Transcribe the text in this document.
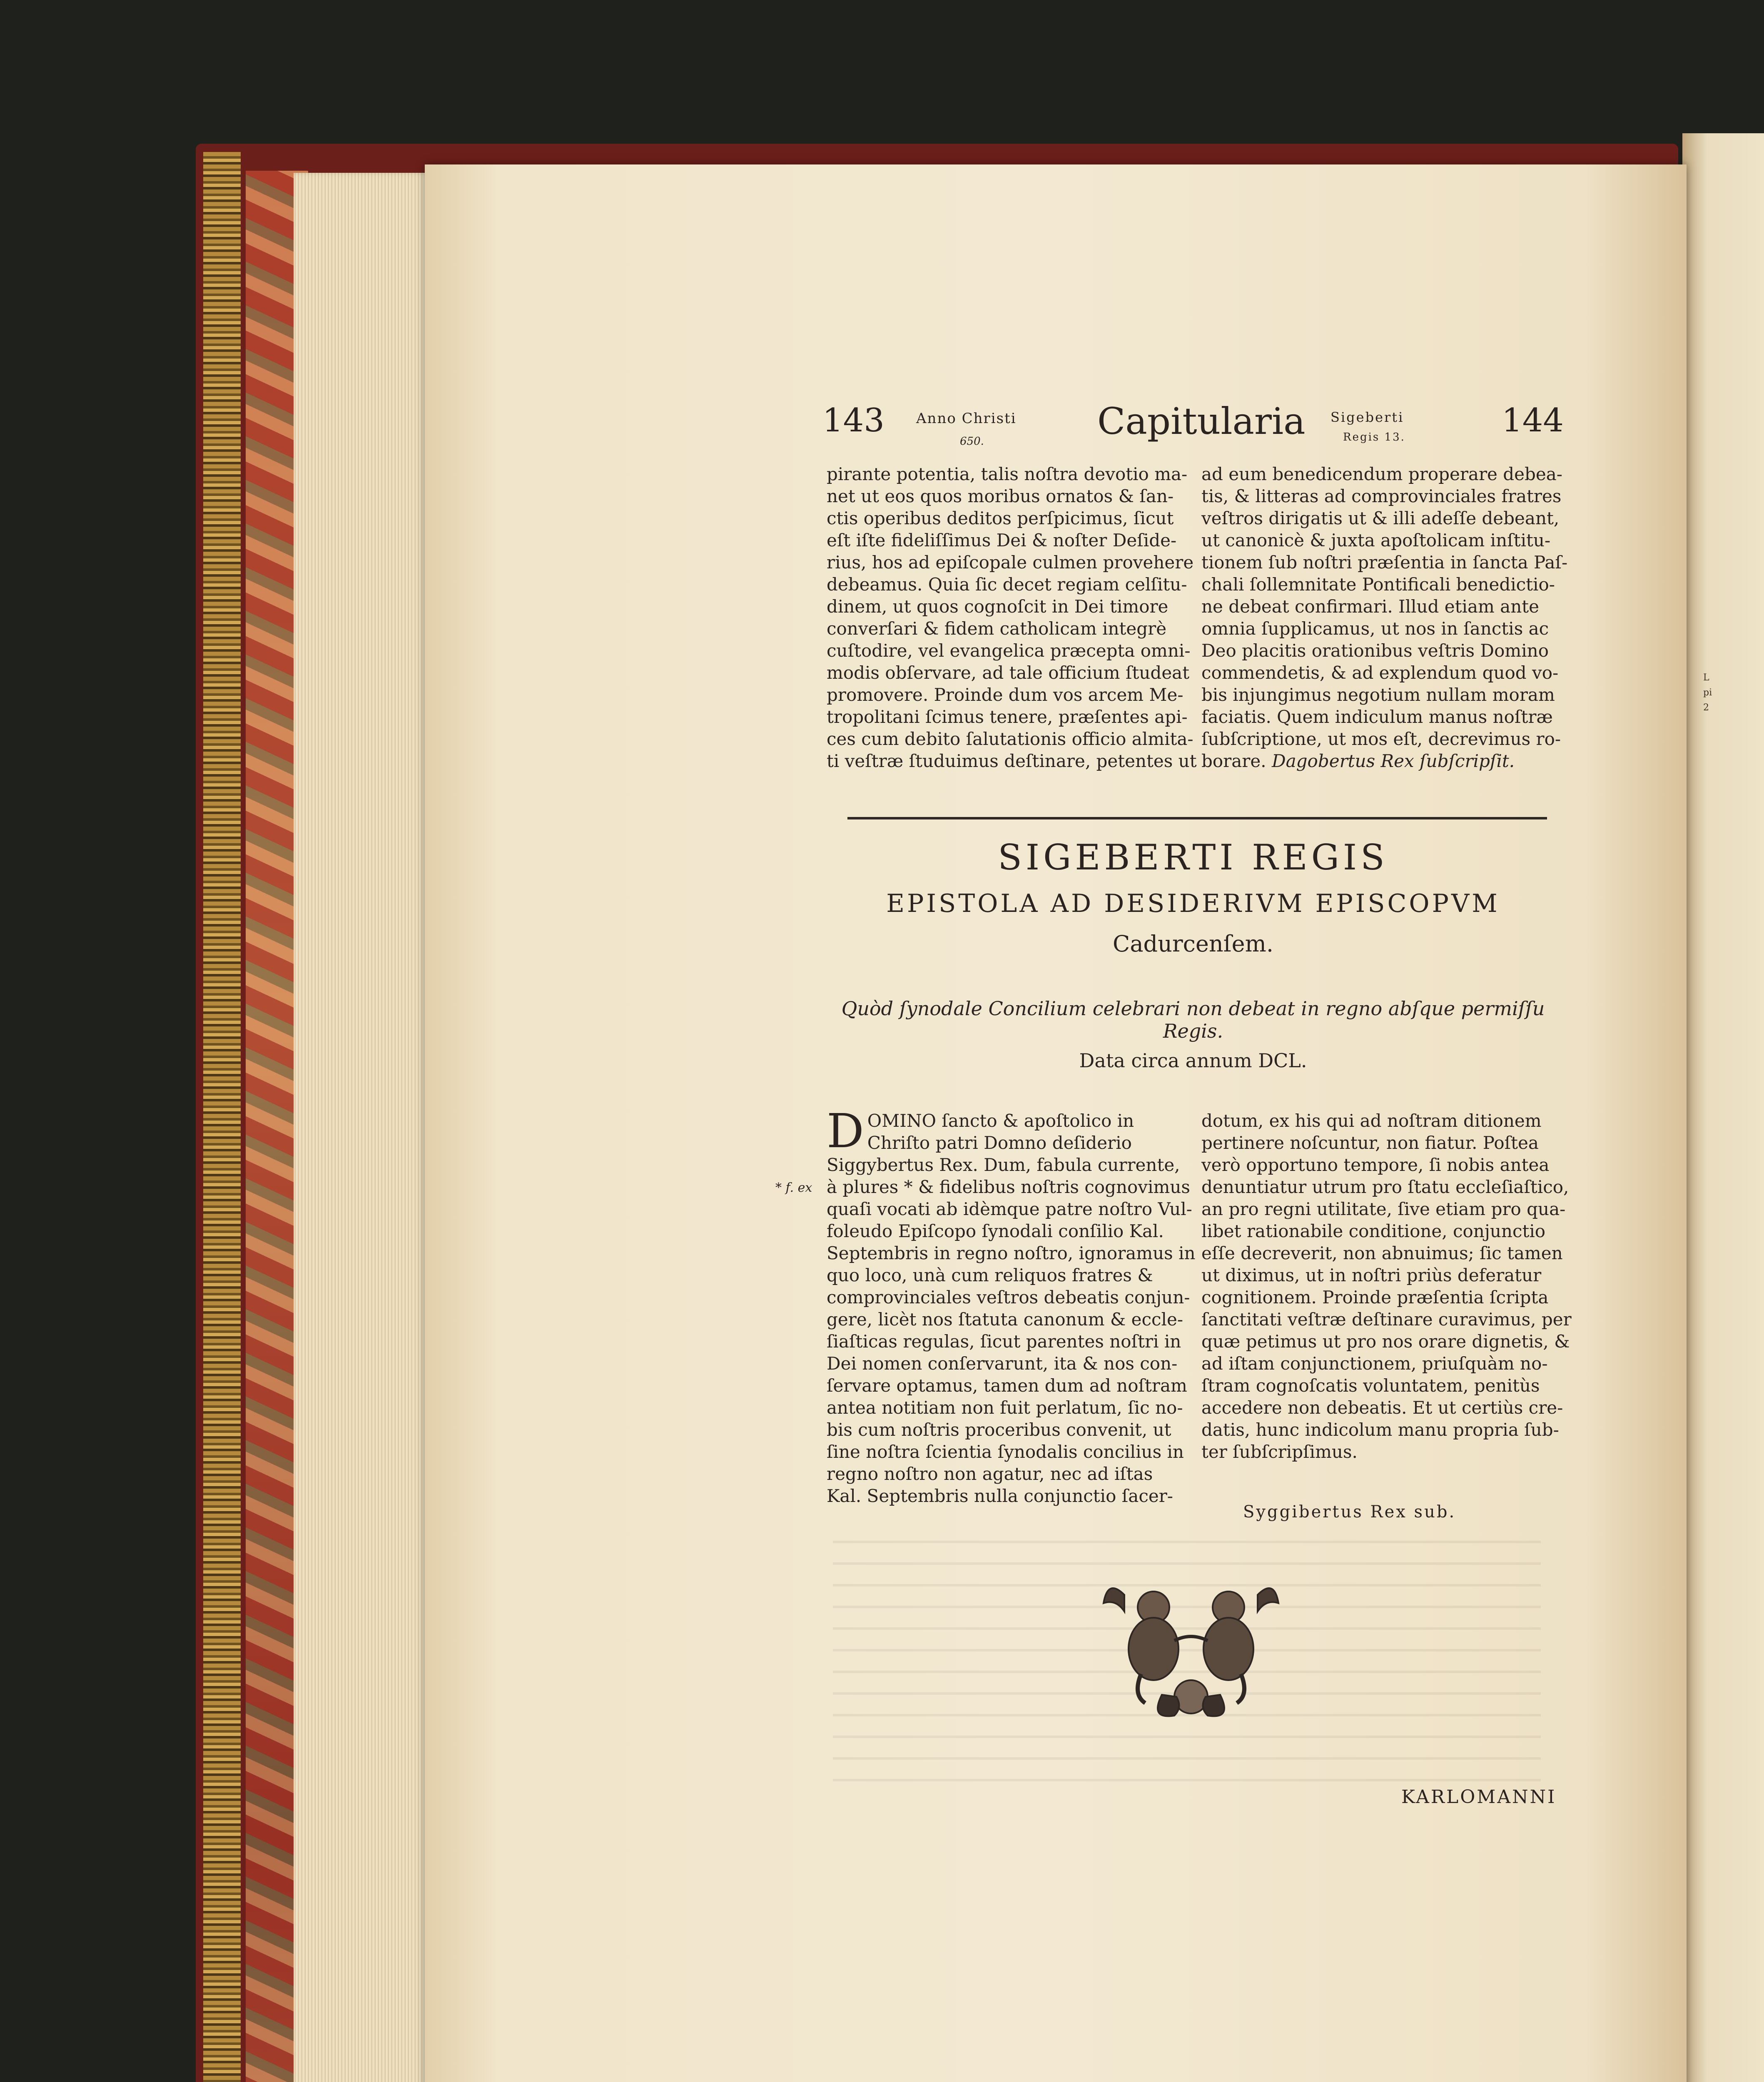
L
pi
2
143 Anno Christi
650.	Capitularia Sigeberti
Regis 13.	144
pirante potentia, talis noſtra devotio ma-
net ut eos quos moribus ornatos & ſan-
ctis operibus deditos perſpicimus, ſicut
eſt iſte fideliſſimus Dei & noſter Deſide-
rius, hos ad epiſcopale culmen provehere
debeamus. Quia ſic decet regiam celſitu-
dinem, ut quos cognoſcit in Dei timore
converſari & fidem catholicam integrè
cuſtodire, vel evangelica præcepta omni-
modis obſervare, ad tale officium ſtudeat
promovere. Proinde dum vos arcem Me-
tropolitani ſcimus tenere, præſentes api-
ces cum debito ſalutationis officio almita-
ti veſtræ ſtuduimus deſtinare, petentes ut
ad eum benedicendum properare debea-
tis, & litteras ad comprovinciales fratres
veſtros dirigatis ut & illi adeſſe debeant,
ut canonicè & juxta apoſtolicam inſtitu-
tionem ſub noſtri præſentia in ſancta Paſ-
chali ſollemnitate Pontificali benedictio-
ne debeat confirmari. Illud etiam ante
omnia ſupplicamus, ut nos in ſanctis ac
Deo placitis orationibus veſtris Domino
commendetis, & ad explendum quod vo-
bis injungimus negotium nullam moram
faciatis. Quem indiculum manus noſtræ
ſubſcriptione, ut mos eſt, decrevimus ro-
borare. Dagobertus Rex ſubſcripſit.
SIGEBERTI REGIS
EPISTOLA AD DESIDERIVM EPISCOPVM
Cadurcenſem.
Quòd ſynodale Concilium celebrari non debeat in regno abſque permiſſu Regis.
Data circa annum DCL.
* f. ex
D OMINO ſancto & apoſtolico in
Chriſto patri Domno deſiderio
Siggybertus Rex. Dum, fabula currente,
à plures * & fidelibus noſtris cognovimus
quaſi vocati ab idèmque patre noſtro Vul-
foleudo Epiſcopo ſynodali conſilio Kal.
Septembris in regno noſtro, ignoramus in
quo loco, unà cum reliquos fratres &
comprovinciales veſtros debeatis conjun-
gere, licèt nos ſtatuta canonum & eccle-
ſiaſticas regulas, ſicut parentes noſtri in
Dei nomen conſervarunt, ita & nos con-
ſervare optamus, tamen dum ad noſtram
antea notitiam non fuit perlatum, ſic no-
bis cum noſtris proceribus convenit, ut
ſine noſtra ſcientia ſynodalis concilius in
regno noſtro non agatur, nec ad iſtas
Kal. Septembris nulla conjunctio ſacer-
dotum, ex his qui ad noſtram ditionem
pertinere noſcuntur, non fiatur. Poſtea
verò opportuno tempore, ſi nobis antea
denuntiatur utrum pro ſtatu eccleſiaſtico,
an pro regni utilitate, ſive etiam pro qua-
libet rationabile conditione, conjunctio
eſſe decreverit, non abnuimus; ſic tamen
ut diximus, ut in noſtri priùs deferatur
cognitionem. Proinde præſentia ſcripta
ſanctitati veſtræ deſtinare curavimus, per
quæ petimus ut pro nos orare dignetis, &
ad iſtam conjunctionem, priuſquàm no-
ſtram cognoſcatis voluntatem, penitùs
accedere non debeatis. Et ut certiùs cre-
datis, hunc indicolum manu propria ſub-
ter ſubſcripſimus.
Syggibertus Rex sub.
KARLOMANNI
